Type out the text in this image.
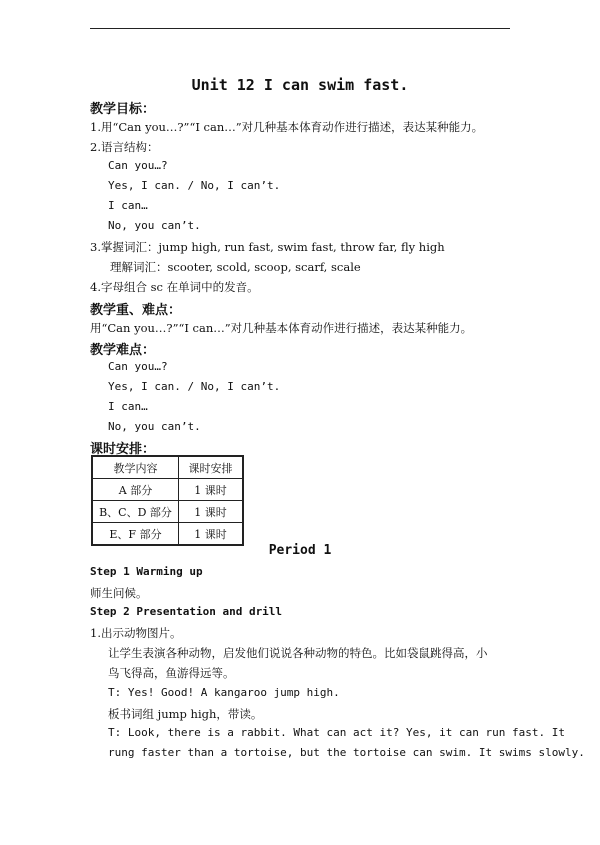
Unit 12 I can swim fast.
教学目标：
1.用“Can you…?”“I can…”对几种基本体育动作进行描述，表达某种能力。
2.语言结构：
Can you…?
Yes, I can. / No, I can’t.
I can…
No, you can’t.
3.掌握词汇：jump high, run fast, swim fast, throw far, fly high
理解词汇：scooter, scold, scoop, scarf, scale
4.字母组合 sc 在单词中的发音。
教学重、难点：
用“Can you…?”“I can…”对几种基本体育动作进行描述，表达某种能力。
教学难点：
Can you…?
Yes, I can. / No, I can’t.
I can…
No, you can’t.
课时安排：
教学内容	课时安排
A 部分	1 课时
B、C、D 部分	1 课时
E、F 部分	1 课时
Period 1
Step 1 Warming up
师生问候。
Step 2 Presentation and drill
1.出示动物图片。
让学生表演各种动物，启发他们说说各种动物的特色。比如袋鼠跳得高，小
鸟飞得高，鱼游得远等。
T: Yes! Good! A kangaroo jump high.
板书词组 jump high，带读。
T: Look, there is a rabbit. What can act it? Yes, it can run fast. It
rung faster than a tortoise, but the tortoise can swim. It swims slowly.
